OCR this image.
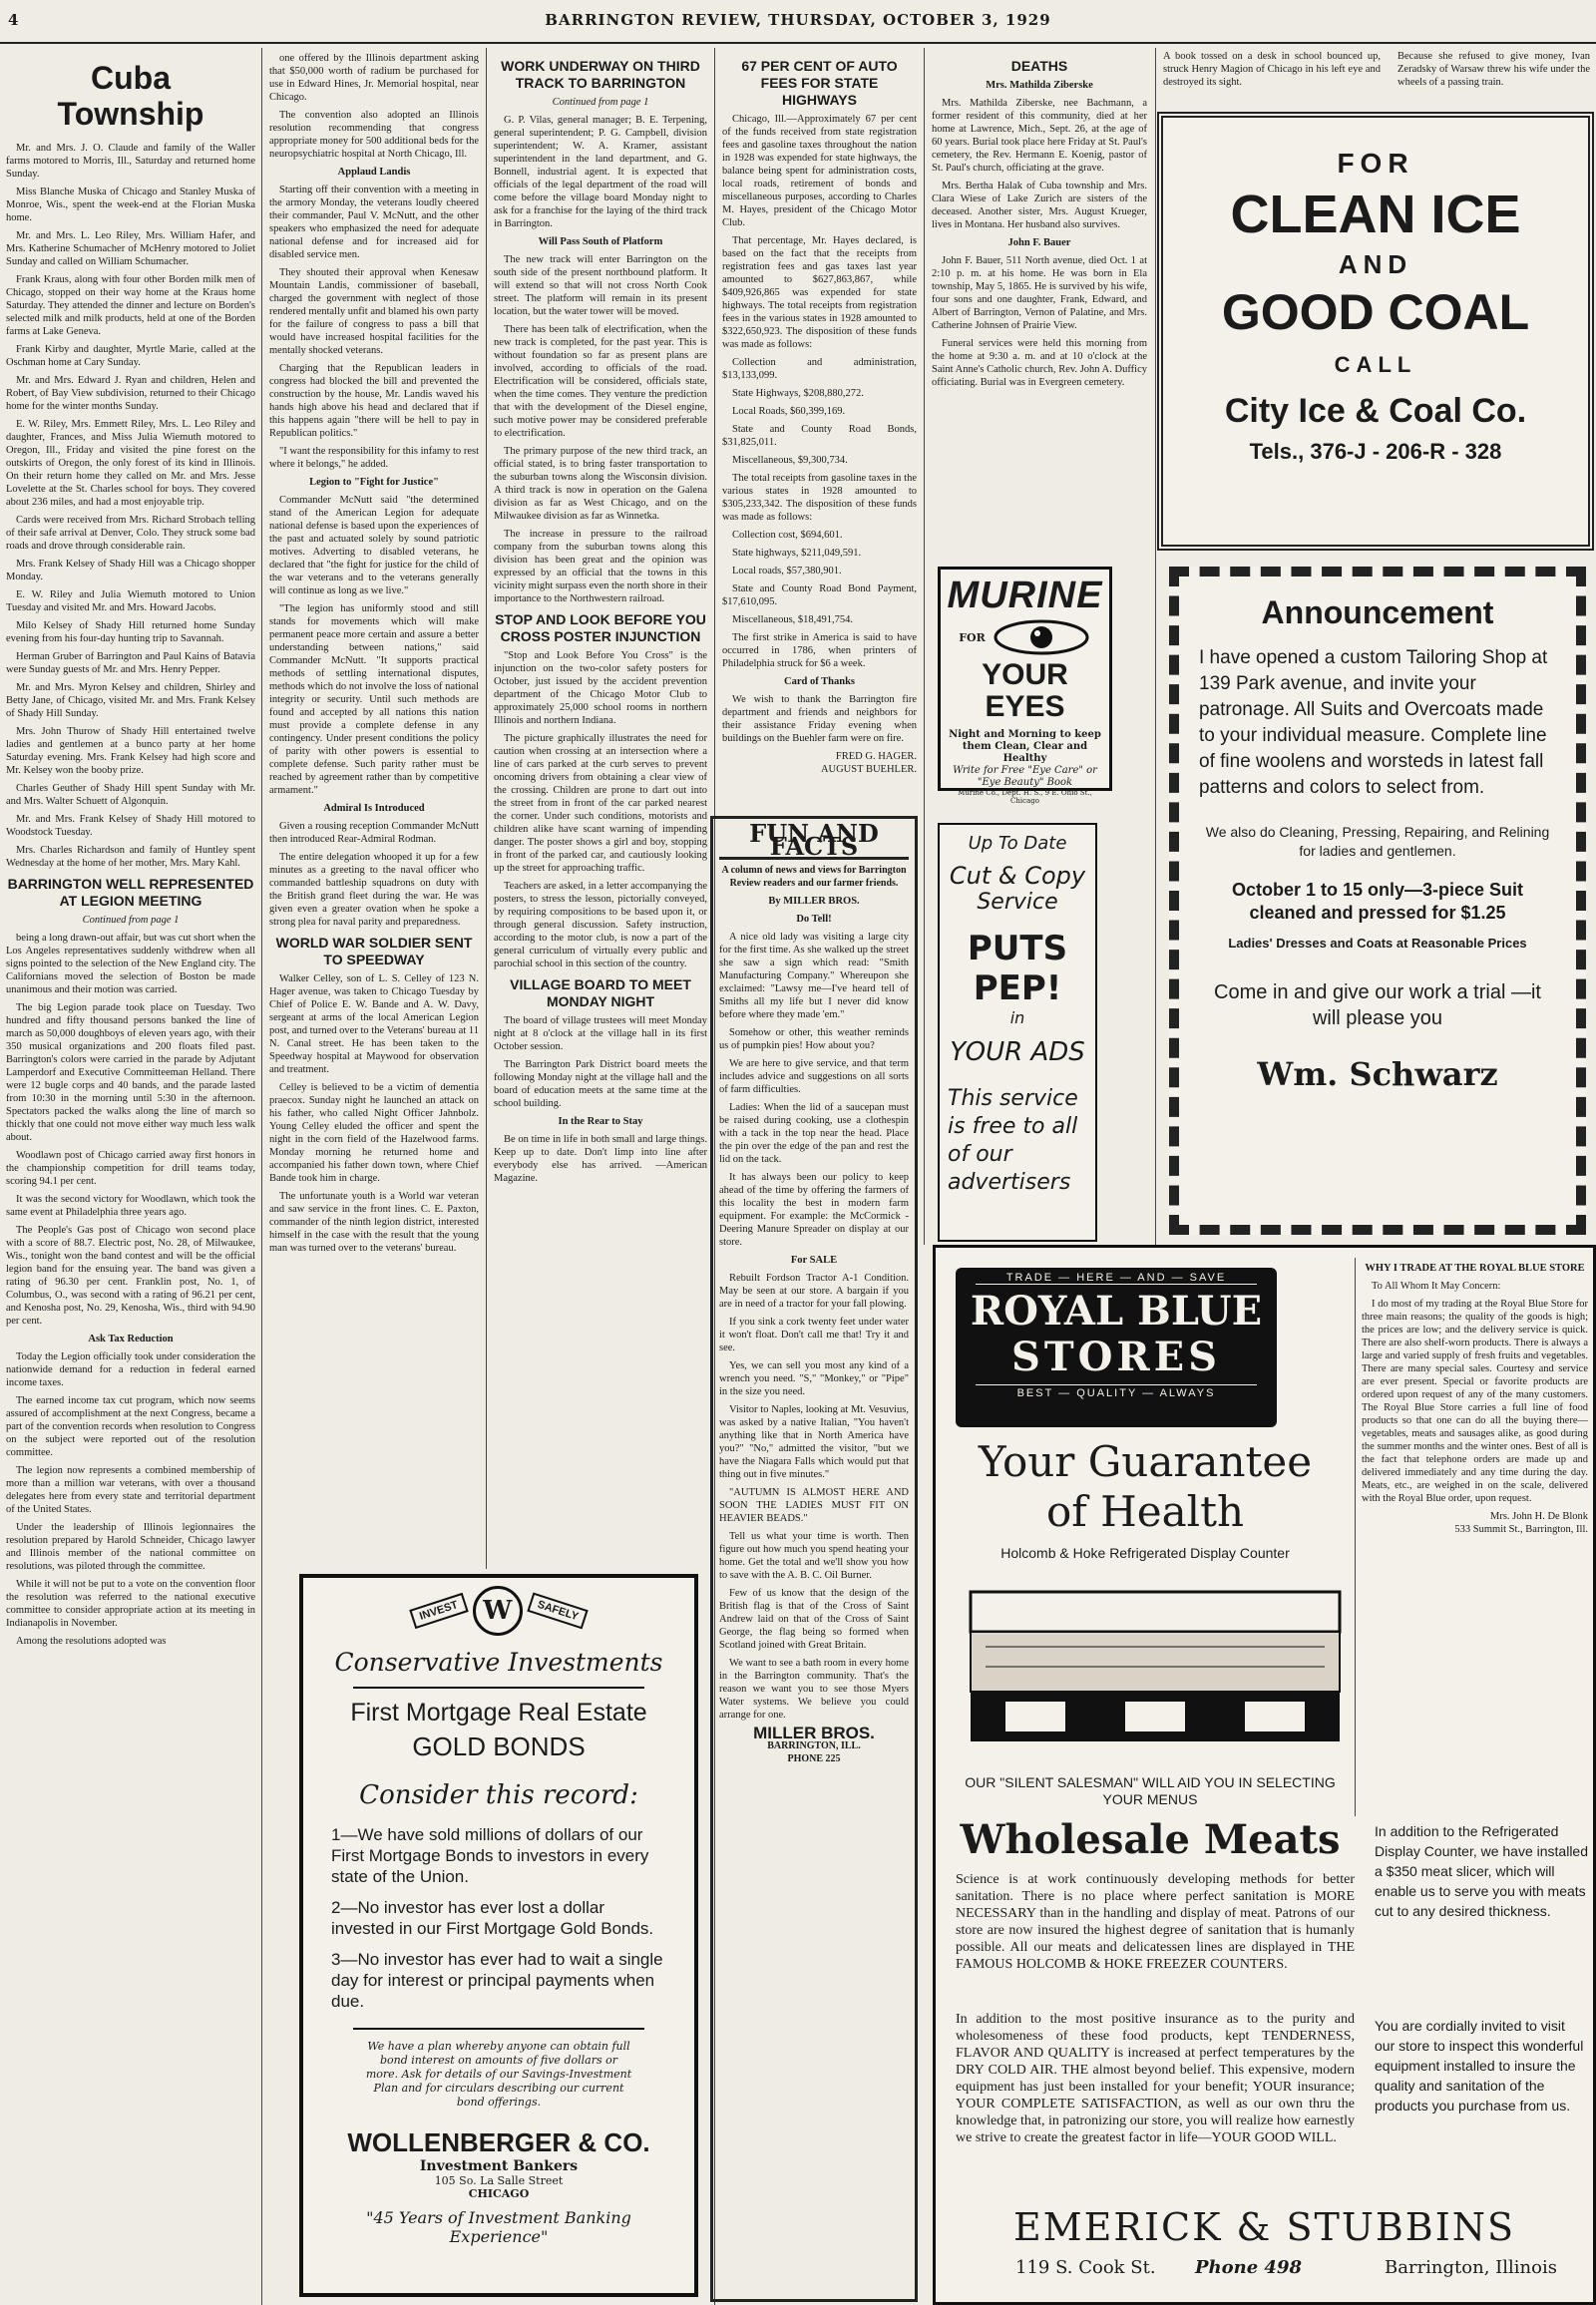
4	BARRINGTON REVIEW, THURSDAY, OCTOBER 3, 1929
Cuba
Township

Mr. and Mrs. J. O. Claude and family of the Waller farms motored to Morris, Ill., Saturday and returned home Sunday.

Miss Blanche Muska of Chicago and Stanley Muska of Monroe, Wis., spent the week-end at the Florian Muska home.

Mr. and Mrs. L. Leo Riley, Mrs. William Hafer, and Mrs. Katherine Schumacher of McHenry motored to Joliet Sunday and called on William Schumacher.

Frank Kraus, along with four other Borden milk men of Chicago, stopped on their way home at the Kraus home Saturday. They attended the dinner and lecture on Borden's selected milk and milk products, held at one of the Borden farms at Lake Geneva.

Frank Kirby and daughter, Myrtle Marie, called at the Oschman home at Cary Sunday.

Mr. and Mrs. Edward J. Ryan and children, Helen and Robert, of Bay View subdivision, returned to their Chicago home for the winter months Sunday.

E. W. Riley, Mrs. Emmett Riley, Mrs. L. Leo Riley and daughter, Frances, and Miss Julia Wiemuth motored to Oregon, Ill., Friday and visited the pine forest on the outskirts of Oregon, the only forest of its kind in Illinois. On their return home they called on Mr. and Mrs. Jesse Lovelette at the St. Charles school for boys. They covered about 236 miles, and had a most enjoyable trip.

Cards were received from Mrs. Richard Strobach telling of their safe arrival at Denver, Colo. They struck some bad roads and drove through considerable rain.

Mrs. Frank Kelsey of Shady Hill was a Chicago shopper Monday.

E. W. Riley and Julia Wiemuth motored to Union Tuesday and visited Mr. and Mrs. Howard Jacobs.

Milo Kelsey of Shady Hill returned home Sunday evening from his four-day hunting trip to Savannah.

Herman Gruber of Barrington and Paul Kains of Batavia were Sunday guests of Mr. and Mrs. Henry Pepper.

Mr. and Mrs. Myron Kelsey and children, Shirley and Betty Jane, of Chicago, visited Mr. and Mrs. Frank Kelsey of Shady Hill Sunday.

Mrs. John Thurow of Shady Hill entertained twelve ladies and gentlemen at a bunco party at her home Saturday evening. Mrs. Frank Kelsey had high score and Mr. Kelsey won the booby prize.

Charles Geuther of Shady Hill spent Sunday with Mr. and Mrs. Walter Schuett of Algonquin.

Mr. and Mrs. Frank Kelsey of Shady Hill motored to Woodstock Tuesday.

Mrs. Charles Richardson and family of Huntley spent Wednesday at the home of her mother, Mrs. Mary Kahl.

BARRINGTON WELL REPRESENTED AT LEGION MEETING

Continued from page 1

being a long drawn-out affair, but was cut short when the Los Angeles representatives suddenly withdrew when all signs pointed to the selection of the New England city. The Californians moved the selection of Boston be made unanimous and their motion was carried.

The big Legion parade took place on Tuesday. Two hundred and fifty thousand persons banked the line of march as 50,000 doughboys of eleven years ago, with their 350 musical organizations and 200 floats filed past. Barrington's colors were carried in the parade by Adjutant Lamperdorf and Executive Committeeman Helland. There were 12 bugle corps and 40 bands, and the parade lasted from 10:30 in the morning until 5:30 in the afternoon. Spectators packed the walks along the line of march so thickly that one could not move either way much less walk about.

Woodlawn post of Chicago carried away first honors in the championship competition for drill teams today, scoring 94.1 per cent.

It was the second victory for Woodlawn, which took the same event at Philadelphia three years ago.

The People's Gas post of Chicago won second place with a score of 88.7. Electric post, No. 28, of Milwaukee, Wis., tonight won the band contest and will be the official legion band for the ensuing year. The band was given a rating of 96.30 per cent. Franklin post, No. 1, of Columbus, O., was second with a rating of 96.21 per cent, and Kenosha post, No. 29, Kenosha, Wis., third with 94.90 per cent.

Ask Tax Reduction

Today the Legion officially took under consideration the nationwide demand for a reduction in federal earned income taxes.

The earned income tax cut program, which now seems assured of accomplishment at the next Congress, became a part of the convention records when resolution to Congress on the subject were reported out of the resolution committee.

The legion now represents a combined membership of more than a million war veterans, with over a thousand delegates here from every state and territorial department of the United States.

Under the leadership of Illinois legionnaires the resolution prepared by Harold Schneider, Chicago lawyer and Illinois member of the national committee on resolutions, was piloted through the committee.

While it will not be put to a vote on the convention floor the resolution was referred to the national executive committee to consider appropriate action at its meeting in Indianapolis in November.

Among the resolutions adopted was

one offered by the Illinois department asking that $50,000 worth of radium be purchased for use in Edward Hines, Jr. Memorial hospital, near Chicago.

The convention also adopted an Illinois resolution recommending that congress appropriate money for 500 additional beds for the neuropsychiatric hospital at North Chicago, Ill.

Applaud Landis

Starting off their convention with a meeting in the armory Monday, the veterans loudly cheered their commander, Paul V. McNutt, and the other speakers who emphasized the need for adequate national defense and for increased aid for disabled service men.

They shouted their approval when Kenesaw Mountain Landis, commissioner of baseball, charged the government with neglect of those rendered mentally unfit and blamed his own party for the failure of congress to pass a bill that would have increased hospital facilities for the mentally shocked veterans.

Charging that the Republican leaders in congress had blocked the bill and prevented the construction by the house, Mr. Landis waved his hands high above his head and declared that if this happens again "there will be hell to pay in Republican politics."

"I want the responsibility for this infamy to rest where it belongs," he added.

Legion to "Fight for Justice"

Commander McNutt said "the determined stand of the American Legion for adequate national defense is based upon the experiences of the past and actuated solely by sound patriotic motives. Adverting to disabled veterans, he declared that "the fight for justice for the child of the war veterans and to the veterans generally will continue as long as we live."

"The legion has uniformly stood and still stands for movements which will make permanent peace more certain and assure a better understanding between nations," said Commander McNutt. "It supports practical methods of settling international disputes, methods which do not involve the loss of national integrity or security. Until such methods are found and accepted by all nations this nation must provide a complete defense in any contingency. Under present conditions the policy of parity with other powers is essential to complete defense. Such parity rather must be reached by agreement rather than by competitive armament."

Admiral Is Introduced

Given a rousing reception Commander McNutt then introduced Rear-Admiral Rodman.

The entire delegation whooped it up for a few minutes as a greeting to the naval officer who commanded battleship squadrons on duty with the British grand fleet during the war. He was given even a greater ovation when he spoke a strong plea for naval parity and preparedness.

WORLD WAR SOLDIER SENT TO SPEEDWAY

Walker Celley, son of L. S. Celley of 123 N. Hager avenue, was taken to Chicago Tuesday by Chief of Police E. W. Bande and A. W. Davy, sergeant at arms of the local American Legion post, and turned over to the Veterans' bureau at 11 N. Canal street. He has been taken to the Speedway hospital at Maywood for observation and treatment.

Celley is believed to be a victim of dementia praecox. Sunday night he launched an attack on his father, who called Night Officer Jahnbolz. Young Celley eluded the officer and spent the night in the corn field of the Hazelwood farms. Monday morning he returned home and accompanied his father down town, where Chief Bande took him in charge.

The unfortunate youth is a World war veteran and saw service in the front lines. C. E. Paxton, commander of the ninth legion district, interested himself in the case with the result that the young man was turned over to the veterans' bureau.

WORK UNDERWAY ON THIRD TRACK TO BARRINGTON

Continued from page 1

G. P. Vilas, general manager; B. E. Terpening, general superintendent; P. G. Campbell, division superintendent; W. A. Kramer, assistant superintendent in the land department, and G. Bonnell, industrial agent. It is expected that officials of the legal department of the road will come before the village board Monday night to ask for a franchise for the laying of the third track in Barrington.

Will Pass South of Platform

The new track will enter Barrington on the south side of the present northbound platform. It will extend so that will not cross North Cook street. The platform will remain in its present location, but the water tower will be moved.

There has been talk of electrification, when the new track is completed, for the past year. This is without foundation so far as present plans are involved, according to officials of the road. Electrification will be considered, officials state, when the time comes. They venture the prediction that with the development of the Diesel engine, such motive power may be considered preferable to electrification.

The primary purpose of the new third track, an official stated, is to bring faster transportation to the suburban towns along the Wisconsin division. A third track is now in operation on the Galena division as far as West Chicago, and on the Milwaukee division as far as Winnetka.

The increase in pressure to the railroad company from the suburban towns along this division has been great and the opinion was expressed by an official that the towns in this vicinity might surpass even the north shore in their importance to the Northwestern railroad.

STOP AND LOOK BEFORE YOU CROSS POSTER INJUNCTION

"Stop and Look Before You Cross" is the injunction on the two-color safety posters for October, just issued by the accident prevention department of the Chicago Motor Club to approximately 25,000 school rooms in northern Illinois and northern Indiana.

The picture graphically illustrates the need for caution when crossing at an intersection where a line of cars parked at the curb serves to prevent oncoming drivers from obtaining a clear view of the crossing. Children are prone to dart out into the street from in front of the car parked nearest the corner. Under such conditions, motorists and children alike have scant warning of impending danger. The poster shows a girl and boy, stopping in front of the parked car, and cautiously looking up the street for approaching traffic.

Teachers are asked, in a letter accompanying the posters, to stress the lesson, pictorially conveyed, by requiring compositions to be based upon it, or through general discussion. Safety instruction, according to the motor club, is now a part of the general curriculum of virtually every public and parochial school in this section of the country.

VILLAGE BOARD TO MEET MONDAY NIGHT

The board of village trustees will meet Monday night at 8 o'clock at the village hall in its first October session.

The Barrington Park District board meets the following Monday night at the village hall and the board of education meets at the same time at the school building.

In the Rear to Stay

Be on time in life in both small and large things. Keep up to date. Don't limp into line after everybody else has arrived. —American Magazine.

INVEST W	SAFELY
Conservative Investments
First Mortgage Real Estate
GOLD BONDS
Consider this record:
1—We have sold millions of dollars of our First Mortgage Bonds to investors in every state of the Union.
2—No investor has ever lost a dollar invested in our First Mortgage Gold Bonds.
3—No investor has ever had to wait a single day for interest or principal payments when due.
We have a plan whereby anyone can obtain full bond interest on amounts of five dollars or more. Ask for details of our Savings-Investment Plan and for circulars describing our current bond offerings.
WOLLENBERGER & CO.
Investment Bankers
105 So. La Salle Street
CHICAGO
"45 Years of Investment Banking Experience"
67 PER CENT OF AUTO FEES FOR STATE HIGHWAYS

Chicago, Ill.—Approximately 67 per cent of the funds received from state registration fees and gasoline taxes throughout the nation in 1928 was expended for state highways, the balance being spent for administration costs, local roads, retirement of bonds and miscellaneous purposes, according to Charles M. Hayes, president of the Chicago Motor Club.

That percentage, Mr. Hayes declared, is based on the fact that the receipts from registration fees and gas taxes last year amounted to $627,863,867, while $409,926,865 was expended for state highways. The total receipts from registration fees in the various states in 1928 amounted to $322,650,923. The disposition of these funds was made as follows:

Collection and administration, $13,133,099.

State Highways, $208,880,272.

Local Roads, $60,399,169.

State and County Road Bonds, $31,825,011.

Miscellaneous, $9,300,734.

The total receipts from gasoline taxes in the various states in 1928 amounted to $305,233,342. The disposition of these funds was made as follows:

Collection cost, $694,601.

State highways, $211,049,591.

Local roads, $57,380,901.

State and County Road Bond Payment, $17,610,095.

Miscellaneous, $18,491,754.

The first strike in America is said to have occurred in 1786, when printers of Philadelphia struck for $6 a week.

Card of Thanks

We wish to thank the Barrington fire department and friends and neighbors for their assistance Friday evening when buildings on the Buehler farm were on fire.

FRED G. HAGER.

AUGUST BUEHLER.

FUN AND FACTS

A column of news and views for Barrington Review readers and our farmer friends.

By MILLER BROS.

Do Tell!

A nice old lady was visiting a large city for the first time. As she walked up the street she saw a sign which read: "Smith Manufacturing Company." Whereupon she exclaimed: "Lawsy me—I've heard tell of Smiths all my life but I never did know before where they made 'em."

Somehow or other, this weather reminds us of pumpkin pies! How about you?

We are here to give service, and that term includes advice and suggestions on all sorts of farm difficulties.

Ladies: When the lid of a saucepan must be raised during cooking, use a clothespin with a tack in the top near the head. Place the pin over the edge of the pan and rest the lid on the tack.

It has always been our policy to keep ahead of the time by offering the farmers of this locality the best in modern farm equipment. For example: the McCormick - Deering Manure Spreader on display at our store.

For SALE

Rebuilt Fordson Tractor A-1 Condition. May be seen at our store. A bargain if you are in need of a tractor for your fall plowing.

If you sink a cork twenty feet under water it won't float. Don't call me that! Try it and see.

Yes, we can sell you most any kind of a wrench you need. "S," "Monkey," or "Pipe" in the size you need.

Visitor to Naples, looking at Mt. Vesuvius, was asked by a native Italian, "You haven't anything like that in North America have you?" "No," admitted the visitor, "but we have the Niagara Falls which would put that thing out in five minutes."

"AUTUMN IS ALMOST HERE AND SOON THE LADIES MUST FIT ON HEAVIER BEADS."

Tell us what your time is worth. Then figure out how much you spend heating your home. Get the total and we'll show you how to save with the A. B. C. Oil Burner.

Few of us know that the design of the British flag is that of the Cross of Saint Andrew laid on that of the Cross of Saint George, the flag being so formed when Scotland joined with Great Britain.

We want to see a bath room in every home in the Barrington community. That's the reason we want you to see those Myers Water systems. We believe you could arrange for one.

MILLER BROS.
BARRINGTON, ILL.
PHONE 225
DEATHS

Mrs. Mathilda Ziberske

Mrs. Mathilda Ziberske, nee Bachmann, a former resident of this community, died at her home at Lawrence, Mich., Sept. 26, at the age of 60 years. Burial took place here Friday at St. Paul's cemetery, the Rev. Hermann E. Koenig, pastor of St. Paul's church, officiating at the grave.

Mrs. Bertha Halak of Cuba township and Mrs. Clara Wiese of Lake Zurich are sisters of the deceased. Another sister, Mrs. August Krueger, lives in Montana. Her husband also survives.

John F. Bauer

John F. Bauer, 511 North avenue, died Oct. 1 at 2:10 p. m. at his home. He was born in Ela township, May 5, 1865. He is survived by his wife, four sons and one daughter, Frank, Edward, and Albert of Barrington, Vernon of Palatine, and Mrs. Catherine Johnsen of Prairie View.

Funeral services were held this morning from the home at 9:30 a. m. and at 10 o'clock at the Saint Anne's Catholic church, Rev. John A. Dufficy officiating. Burial was in Evergreen cemetery.

MURINE
FOR
YOUR EYES
Night and Morning to keep them Clean, Clear and Healthy
Write for Free "Eye Care" or "Eye Beauty" Book
Murine Co., Dept. H. S., 9 E. Ohio St., Chicago
Up To Date
Cut & Copy
Service
PUTS PEP!
in
YOUR ADS
This service is free to all of our advertisers
A book tossed on a desk in school bounced up, struck Henry Magion of Chicago in his left eye and destroyed its sight.
Because she refused to give money, Ivan Zeradsky of Warsaw threw his wife under the wheels of a passing train.
FOR
CLEAN ICE
AND
GOOD COAL
CALL
City Ice & Coal Co.
Tels., 376-J - 206-R - 328
Announcement
I have opened a custom Tailoring Shop at 139 Park avenue, and invite your patronage. All Suits and Overcoats made to your individual measure. Complete line of fine woolens and worsteds in latest fall patterns and colors to select from.
We also do Cleaning, Pressing, Repairing, and Relining for ladies and gentlemen.
October 1 to 15 only—3-piece Suit cleaned and pressed for $1.25
Ladies' Dresses and Coats at Reasonable Prices
Come in and give our work a trial —it will please you
Wm. Schwarz
TRADE — HERE — AND — SAVE
ROYAL BLUE
STORES
BEST — QUALITY — ALWAYS

WHY I TRADE AT THE ROYAL BLUE STORE

To All Whom It May Concern:

I do most of my trading at the Royal Blue Store for three main reasons; the quality of the goods is high; the prices are low; and the delivery service is quick. There are also shelf-worn products. There is always a large and varied supply of fresh fruits and vegetables. There are many special sales. Courtesy and service are ever present. Special or favorite products are ordered upon request of any of the many customers. The Royal Blue Store carries a full line of food products so that one can do all the buying there—vegetables, meats and sausages alike, as good during the summer months and the winter ones. Best of all is the fact that telephone orders are made up and delivered immediately and any time during the day. Meats, etc., are weighed in on the scale, delivered with the Royal Blue order, upon request.

Mrs. John H. De Blonk

533 Summit St., Barrington, Ill.

Your Guarantee
of Health
Holcomb & Hoke Refrigerated Display Counter
OUR "SILENT SALESMAN" WILL AID YOU IN SELECTING YOUR MENUS
Wholesale Meats
Science is at work continuously developing methods for better sanitation. There is no place where perfect sanitation is MORE NECESSARY than in the handling and display of meat. Patrons of our store are now insured the highest degree of sanitation that is humanly possible. All our meats and delicatessen lines are displayed in THE FAMOUS HOLCOMB & HOKE FREEZER COUNTERS.
In addition to the most positive insurance as to the purity and wholesomeness of these food products, kept TENDERNESS, FLAVOR AND QUALITY is increased at perfect temperatures by the DRY COLD AIR. THE almost beyond belief. This expensive, modern equipment has just been installed for your benefit; YOUR insurance; YOUR COMPLETE SATISFACTION, as well as our own thru the knowledge that, in patronizing our store, you will realize how earnestly we strive to create the greatest factor in life—YOUR GOOD WILL.
In addition to the Refrigerated Display Counter, we have installed a $350 meat slicer, which will enable us to serve you with meats cut to any desired thickness.
You are cordially invited to visit our store to inspect this wonderful equipment installed to insure the quality and sanitation of the products you purchase from us.
EMERICK & STUBBINS
119 S. Cook St. Phone 498	Barrington, Illinois
